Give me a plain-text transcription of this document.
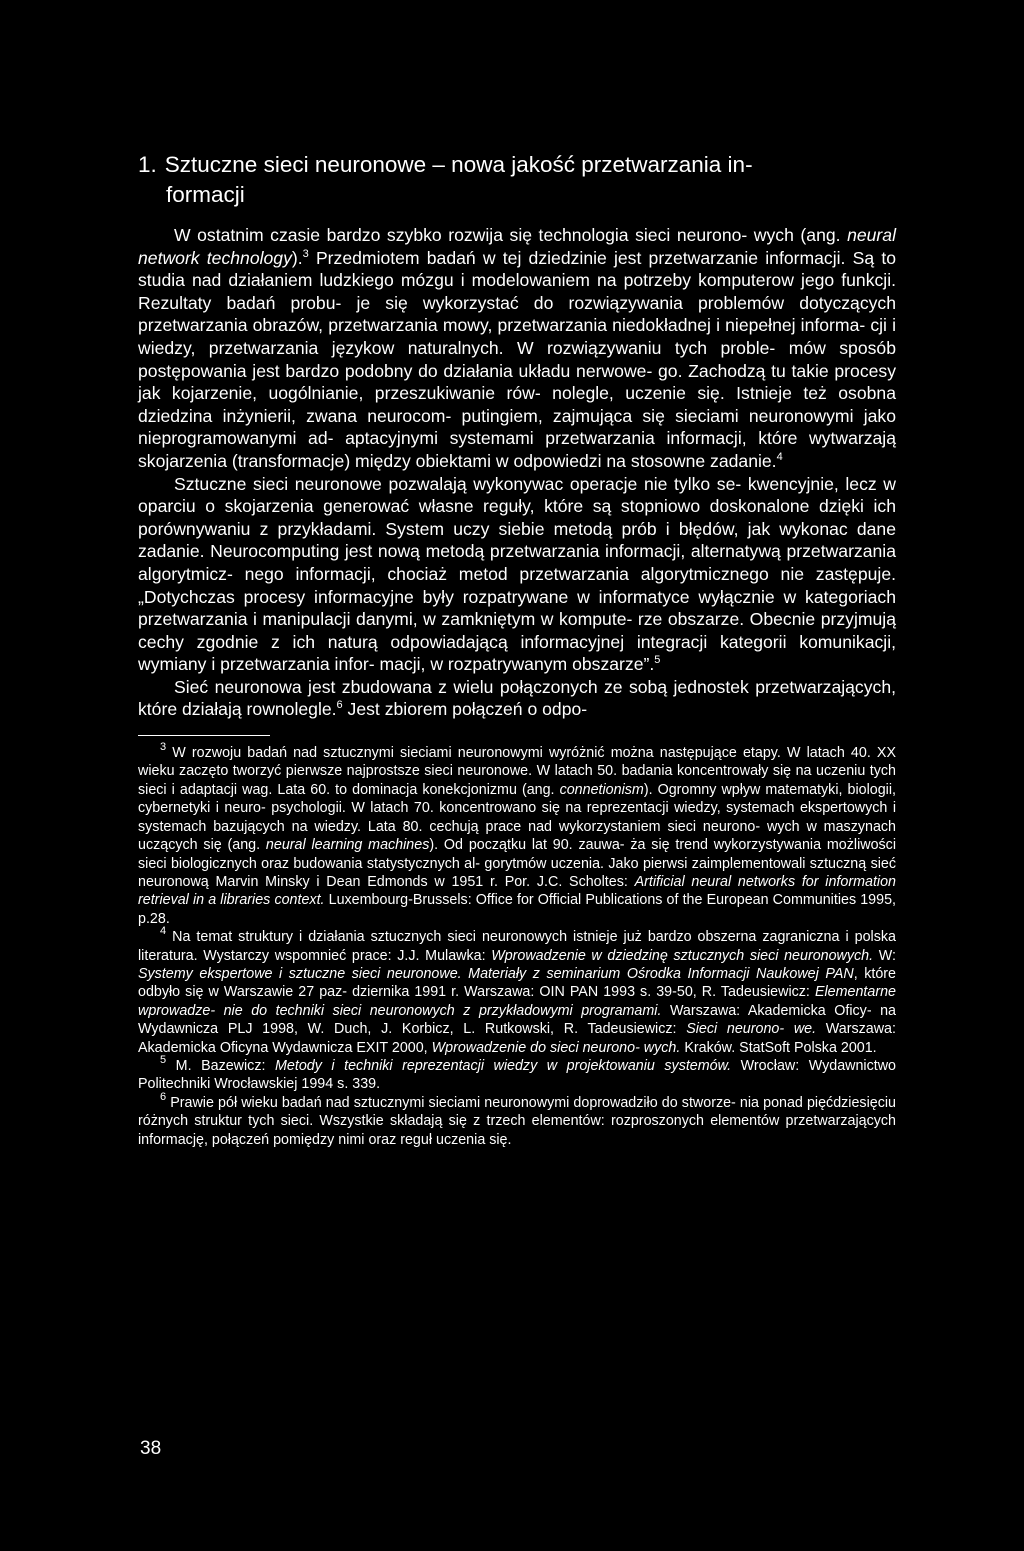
1. Sztuczne sieci neuronowe – nowa jakość przetwarzania in-
formacji

W ostatnim czasie bardzo szybko rozwija się technologia sieci neurono- wych (ang. neural network technology).$^3$ Przedmiotem badań w tej dziedzinie jest przetwarzanie informacji. Są to studia nad działaniem ludzkiego mózgu i modelowaniem na potrzeby komputerow jego funkcji. Rezultaty badań probu- je się wykorzystać do rozwiązywania problemów dotyczących przetwarzania obrazów, przetwarzania mowy, przetwarzania niedokładnej i niepełnej informa- cji i wiedzy, przetwarzania językow naturalnych. W rozwiązywaniu tych proble- mów sposób postępowania jest bardzo podobny do działania układu nerwowe- go. Zachodzą tu takie procesy jak kojarzenie, uogólnianie, przeszukiwanie rów- nolegle, uczenie się. Istnieje też osobna dziedzina inżynierii, zwana neurocom- putingiem, zajmująca się sieciami neuronowymi jako nieprogramowanymi ad- aptacyjnymi systemami przetwarzania informacji, które wytwarzają skojarzenia (transformacje) między obiektami w odpowiedzi na stosowne zadanie.$^4$

Sztuczne sieci neuronowe pozwalają wykonywac operacje nie tylko se- kwencyjnie, lecz w oparciu o skojarzenia generować własne reguły, które są stopniowo doskonalone dzięki ich porównywaniu z przykładami. System uczy siebie metodą prób i błędów, jak wykonac dane zadanie. Neurocomputing jest nową metodą przetwarzania informacji, alternatywą przetwarzania algorytmicz- nego informacji, chociaż metod przetwarzania algorytmicznego nie zastępuje. „Dotychczas procesy informacyjne były rozpatrywane w informatyce wyłącznie w kategoriach przetwarzania i manipulacji danymi, w zamkniętym w kompute- rze obszarze. Obecnie przyjmują cechy zgodnie z ich naturą odpowiadającą informacyjnej integracji kategorii komunikacji, wymiany i przetwarzania infor- macji, w rozpatrywanym obszarze”.$^5$

Sieć neuronowa jest zbudowana z wielu połączonych ze sobą jednostek przetwarzających, które działają rownolegle.$^6$ Jest zbiorem połączeń o odpo-

$^3$ W rozwoju badań nad sztucznymi sieciami neuronowymi wyróżnić można następujące etapy. W latach 40. XX wieku zaczęto tworzyć pierwsze najprostsze sieci neuronowe. W latach 50. badania koncentrowały się na uczeniu tych sieci i adaptacji wag. Lata 60. to dominacja konekcjonizmu (ang. connetionism). Ogromny wpływ matematyki, biologii, cybernetyki i neuro- psychologii. W latach 70. koncentrowano się na reprezentacji wiedzy, systemach ekspertowych i systemach bazujących na wiedzy. Lata 80. cechują prace nad wykorzystaniem sieci neurono- wych w maszynach uczących się (ang. neural learning machines). Od początku lat 90. zauwa- ża się trend wykorzystywania możliwości sieci biologicznych oraz budowania statystycznych al- gorytmów uczenia. Jako pierwsi zaimplementowali sztuczną sieć neuronową Marvin Minsky i Dean Edmonds w 1951 r. Por. J.C. Scholtes: Artificial neural networks for information retrieval in a libraries context. Luxembourg-Brussels: Office for Official Publications of the European Communities 1995, p.28.

$^4$ Na temat struktury i działania sztucznych sieci neuronowych istnieje już bardzo obszerna zagraniczna i polska literatura. Wystarczy wspomnieć prace: J.J. Mulawka: Wprowadzenie w dziedzinę sztucznych sieci neuronowych. W: Systemy ekspertowe i sztuczne sieci neuronowe. Materiały z seminarium Ośrodka Informacji Naukowej PAN, które odbyło się w Warszawie 27 paz- dziernika 1991 r. Warszawa: OIN PAN 1993 s. 39-50, R. Tadeusiewicz: Elementarne wprowadze- nie do techniki sieci neuronowych z przykładowymi programami. Warszawa: Akademicka Oficy- na Wydawnicza PLJ 1998, W. Duch, J. Korbicz, L. Rutkowski, R. Tadeusiewicz: Sieci neurono- we. Warszawa: Akademicka Oficyna Wydawnicza EXIT 2000, Wprowadzenie do sieci neurono- wych. Kraków. StatSoft Polska 2001.

$^5$ M. Bazewicz: Metody i techniki reprezentacji wiedzy w projektowaniu systemów. Wrocław: Wydawnictwo Politechniki Wrocławskiej 1994 s. 339.

$^6$ Prawie pół wieku badań nad sztucznymi sieciami neuronowymi doprowadziło do stworze- nia ponad pięćdziesięciu różnych struktur tych sieci. Wszystkie składają się z trzech elementów: rozproszonych elementów przetwarzających informację, połączeń pomiędzy nimi oraz reguł uczenia się.

38
